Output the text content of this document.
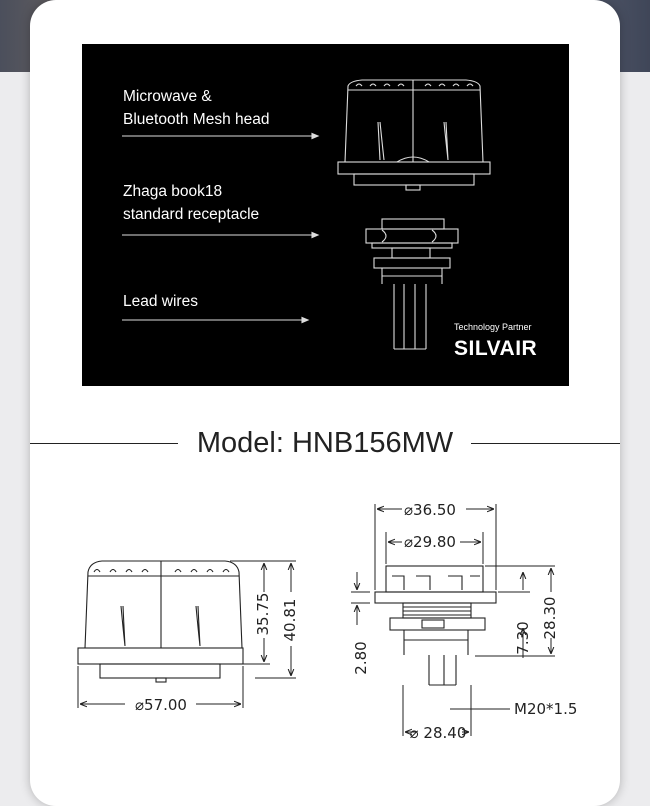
Microwave &
Bluetooth Mesh head
Zhaga book18
standard receptacle
Lead wires
Technology Partner
SILVAIR
Model: HNB156MW
⌀57.00
35.75 40.81
⌀36.50
⌀29.80
2.80
7.30 28.30
M20*1.5
⌀ 28.40
